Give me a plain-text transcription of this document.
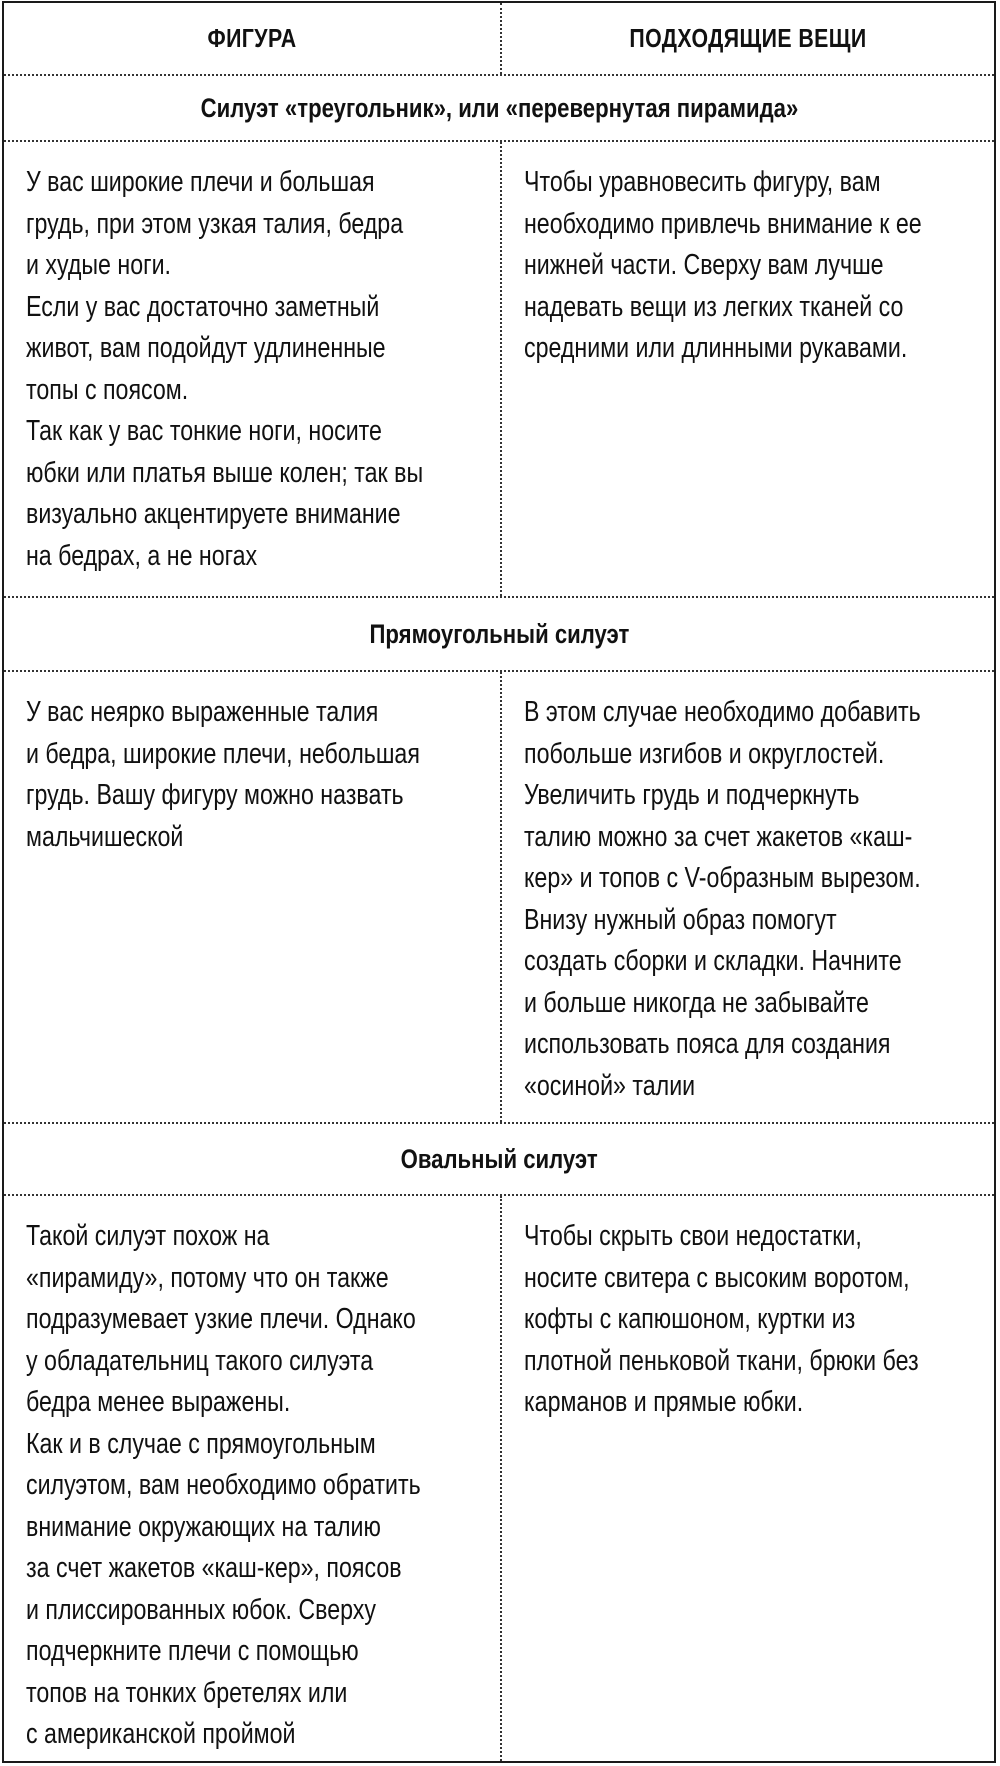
ФИГУРА	ПОДХОДЯЩИЕ ВЕЩИ
Силуэт «треугольник», или «перевернутая пирамида»
У вас широкие плечи и большая
грудь, при этом узкая талия, бедра
и худые ноги.
Если у вас достаточно заметный
живот, вам подойдут удлиненные
топы с поясом.
Так как у вас тонкие ноги, носите
юбки или платья выше колен; так вы
визуально акцентируете внимание
на бедрах, а не ногах
Чтобы уравновесить фигуру, вам
необходимо привлечь внимание к ее
нижней части. Сверху вам лучше
надевать вещи из легких тканей со
средними или длинными рукавами.
Прямоугольный силуэт
У вас неярко выраженные талия
и бедра, широкие плечи, небольшая
грудь. Вашу фигуру можно назвать
мальчишеской
В этом случае необходимо добавить
побольше изгибов и округлостей.
Увеличить грудь и подчеркнуть
талию можно за счет жакетов «каш-
кер» и топов с V-образным вырезом.
Внизу нужный образ помогут
создать сборки и складки. Начните
и больше никогда не забывайте
использовать пояса для создания
«осиной» талии
Овальный силуэт
Такой силуэт похож на
«пирамиду», потому что он также
подразумевает узкие плечи. Однако
у обладательниц такого силуэта
бедра менее выражены.
Как и в случае с прямоугольным
силуэтом, вам необходимо обратить
внимание окружающих на талию
за счет жакетов «каш-кер», поясов
и плиссированных юбок. Сверху
подчеркните плечи с помощью
топов на тонких бретелях или
с американской проймой
Чтобы скрыть свои недостатки,
носите свитера с высоким воротом,
кофты с капюшоном, куртки из
плотной пеньковой ткани, брюки без
карманов и прямые юбки.
